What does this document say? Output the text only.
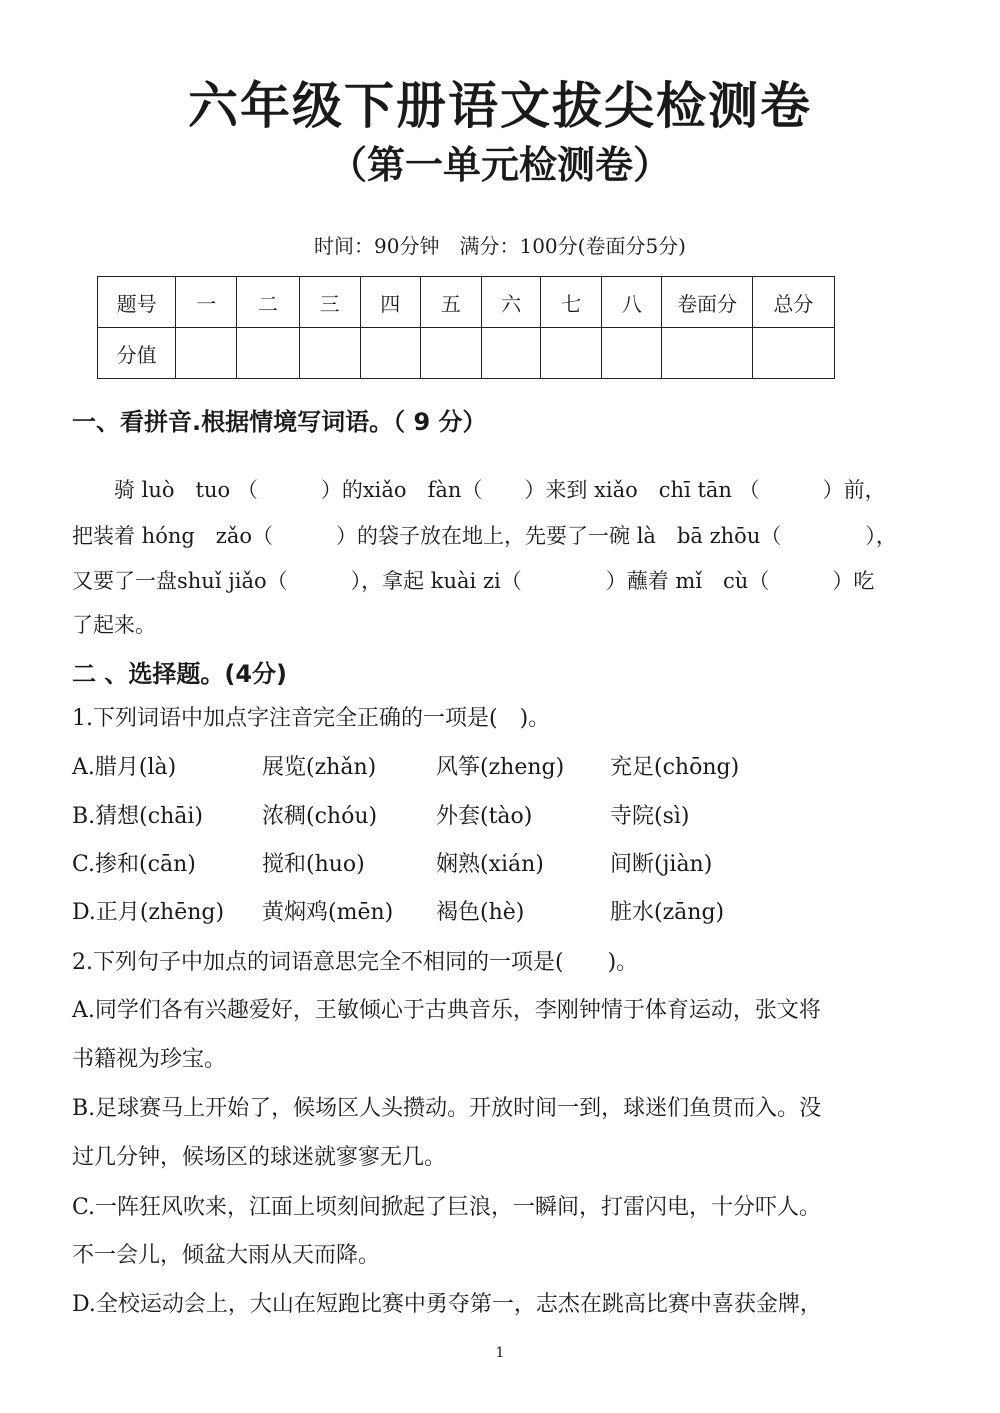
六年级下册语文拔尖检测卷
（第一单元检测卷）
时间：90分钟　满分：100分(卷面分5分)
题号	一	二	三	四	五	六	七	八	卷面分	总分
分值										
一、看拼音.根据情境写词语。（ 9 分）
骑 luò　tuo （　　　）的xiǎo　fàn（　　）来到 xiǎo　chī tān （　　　）前，
把装着 hóng　zǎo（　　　）的袋子放在地上，先要了一碗 là　bā zhōu（　　　　），
又要了一盘shuǐ jiǎo（　　　），拿起 kuài zi（　　　　）蘸着 mǐ　cù（　　　）吃
了起来。
二 、选择题。(4分)
1.下列词语中加点字注音完全正确的一项是(　)。
A.腊月(là)	展览(zhǎn)	风筝(zheng) 充足(chōng)
B.猜想(chāi)	浓稠(chóu)	外套(tào)	寺院(sì)
C.掺和(cān)	搅和(huo)	娴熟(xián)	间断(jiàn)
D.正月(zhēng) 黄焖鸡(mēn) 褐色(hè)	脏水(zāng)
2.下列句子中加点的词语意思完全不相同的一项是(　　)。
A.同学们各有兴趣爱好，王敏倾心于古典音乐，李刚钟情于体育运动，张文将
书籍视为珍宝。
B.足球赛马上开始了，候场区人头攒动。开放时间一到，球迷们鱼贯而入。没
过几分钟，候场区的球迷就寥寥无几。
C.一阵狂风吹来，江面上顷刻间掀起了巨浪，一瞬间，打雷闪电，十分吓人。
不一会儿，倾盆大雨从天而降。
D.全校运动会上，大山在短跑比赛中勇夺第一，志杰在跳高比赛中喜获金牌，
1
